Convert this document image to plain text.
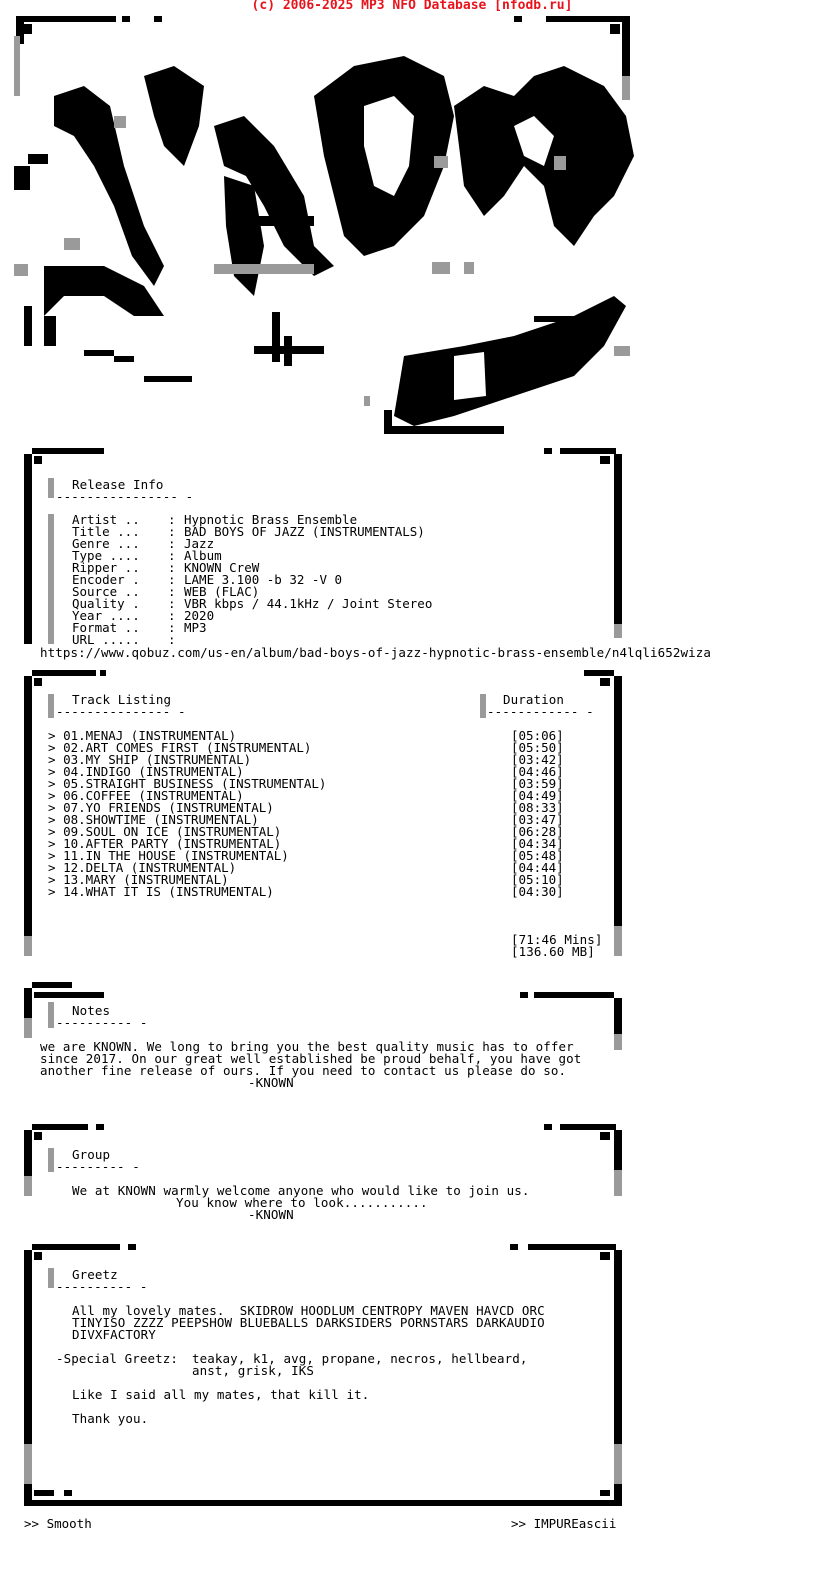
(c) 2006-2025 MP3 NFO Database [nfodb.ru]
sM
Release Info
---------------- -
Artist ..	: Hypnotic Brass Ensemble
Title ...	: BAD BOYS OF JAZZ (INSTRUMENTALS)
Genre ...	: Jazz
Type ....	: Album
Ripper ..	: KNOWN CreW
Encoder .	: LAME 3.100 -b 32 -V 0
Source ..	: WEB (FLAC)
Quality .	: VBR kbps / 44.1kHz / Joint Stereo
Year ....	: 2020
Format ..	: MP3
URL .....	:
https://www.qobuz.com/us-en/album/bad-boys-of-jazz-hypnotic-brass-ensemble/n4lqli652wiza
Track Listing
--------------- -
Duration
------------ -
> 01.MENAJ (INSTRUMENTAL)	[05:06]
> 02.ART COMES FIRST (INSTRUMENTAL)	[05:50]
> 03.MY SHIP (INSTRUMENTAL)	[03:42]
> 04.INDIGO (INSTRUMENTAL)	[04:46]
> 05.STRAIGHT BUSINESS (INSTRUMENTAL)	[03:59]
> 06.COFFEE (INSTRUMENTAL)	[04:49]
> 07.YO FRIENDS (INSTRUMENTAL)	[08:33]
> 08.SHOWTIME (INSTRUMENTAL)	[03:47]
> 09.SOUL ON ICE (INSTRUMENTAL)	[06:28]
> 10.AFTER PARTY (INSTRUMENTAL)	[04:34]
> 11.IN THE HOUSE (INSTRUMENTAL)	[05:48]
> 12.DELTA (INSTRUMENTAL)	[04:44]
> 13.MARY (INSTRUMENTAL)	[05:10]
> 14.WHAT IT IS (INSTRUMENTAL)	[04:30]
[71:46 Mins]
[136.60 MB]
Notes
---------- -
we are KNOWN. We long to bring you the best quality music has to offer
since 2017. On our great well established be proud behalf, you have got
another fine release of ours. If you need to contact us please do so.
-KNOWN
Group
--------- -
We at KNOWN warmly welcome anyone who would like to join us.
You know where to look...........
-KNOWN
Greetz
---------- -
All my lovely mates.  SKIDROW HOODLUM CENTROPY MAVEN HAVCD ORC
TINYISO ZZZZ PEEPSHOW BLUEBALLS DARKSIDERS PORNSTARS DARKAUDIO
DIVXFACTORY
-Special Greetz: teakay, k1, avg, propane, necros, hellbeard,
anst, grisk, IKS
Like I said all my mates, that kill it.
Thank you.
>> Smooth	>> IMPUREascii
